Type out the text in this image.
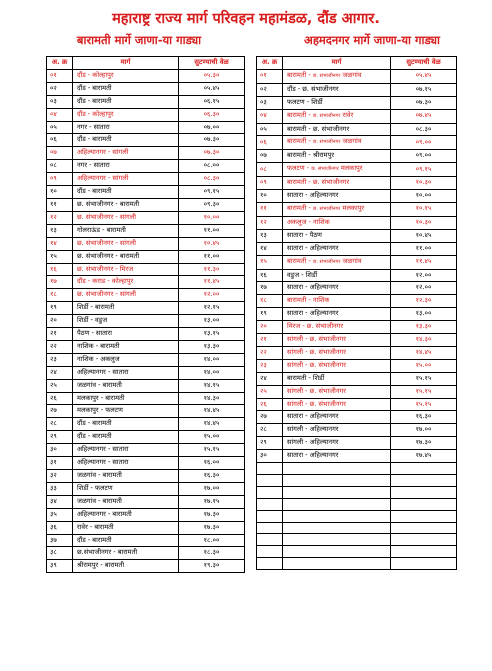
महाराष्ट्र राज्य मार्ग परिवहन महामंडळ, दौंड आगार.
बारामती मार्गे जाणा-या गाड्या	अहमदनगर मार्गे जाणा-या गाड्या
अ. क्र	मार्ग	सुटण्याची वेळ
०१	दौंड - कोल्हापुर	०५.३०
०२	दौंड - बारामती	०५.४५
०३	दौंड - बारामती	०६.१५
०४	दौंड - कोल्हापुर	०६.३०
०५	नगर - सातारा	०७.००
०६	दौंड - बारामती	०७.३०
०७	अहिल्यानगर - सांगली	०७.३०
०८	नगर - सातारा	०८.००
०९	अहिल्यानगर - सांगली	०८.३०
१०	दौंड - बारामती	०९.१५
११	छ. संभाजीनगर - बारामती	०९.३०
१२	छ. संभाजीनगर - सांगली	१०.००
१३	गोलराऊंड - बारामती	११.००
१४	छ. संभाजीनगर - सांगली	१०.४५
१५	छ. संभाजीनगर - बारामती	११.००
१६	छ. संभाजीनगर - मिरज	११.३०
१७	दौंड - कराड - कोल्हापुर	११.४५
१८	छ. संभाजीनगर - सांगली	१२.००
१९	शिर्डी - बारामती	१२.१५
२०	शिर्डी - वडुज	१३.००
२१	पैठण - सातारा	१३.१५
२२	नाशिक - बारामती	१३.३०
२३	नाशिक - अकलुज	१४.००
२४	अहिल्यानगर - सातारा	१४.००
२५	जळगांव - बारामती	१४.१५
२६	मलकापुर - बारामती	१४.३०
२७	मलकापुर - फलटण	१४.४५
२८	दौंड - बारामती	१४.४५
२९	दौंड - बारामती	१५.००
३०	अहिल्यानगर - सातारा	१५.१५
३१	अहिल्यानगर - सातारा	१६.००
३२	जळगांव - बारामती	१६.३०
३३	शिर्डी - फलटण	१७.००
३४	जळगांव - बारामती	१७.१५
३५	अहिल्यानगर - बारामती	१७.३०
३६	रावेर - बारामती	१७.३०
३७	दौंड - बारामती	१८.००
३८	छ.संभाजीनगर - बारामती	१८.३०
३९	श्रीरामपुर - बारामती	१९.३०
अ. क्र	मार्ग	सुटण्याची वेळ
०१	बारामती - छ. संभाजीनगर जळगांव	०५.४५
०२	दौंड - छ. संभाजीनगर	०७.१५
०३	फलटण - शिर्डी	०७.३०
०४	बारामती - छ. संभाजीनगर रावेर	०७.४५
०५	बारामती - छ. संभाजीनगर	०८.३०
०६	बारामती - छ. संभाजीनगर जळगांव	०९.००
०७	बारामती - श्रीरामपुर	०९.००
०८	फलटण - छ. संभाजीनगर मलकापुर	०९.१५
०९	बारामती - छ. संभाजीनगर	१०.३०
१०	सातारा - अहिल्यानगर	१०.००
११	बारामती - छ. संभाजीनगर मलकापुर	१०.१५
१२	अकलुज - नाशिक	१०.३०
१३	सातारा - पैठण	१०.४५
१४	सातारा - अहिल्यानगर	११.००
१५	बारामती - छ. संभाजीनगर जळगांव	११.४५
१६	वडुज - शिर्डी	१२.००
१७	सातारा - अहिल्यानगर	१२.००
१८	बारामती - नाशिक	१२.३०
१९	सातारा - अहिल्यानगर	१३.००
२०	मिरज - छ. संभाजीनगर	१३.३०
२१	सांगली - छ. संभाजीनगर	१४.३०
२२	सांगली - छ. संभाजीनगर	१४.४५
२३	सांगली - छ. संभाजीनगर	१५.००
२४	बारामती - शिर्डी	१५.१५
२५	सांगली - छ. संभाजीनगर	१५.१५
२६	सांगली - छ. संभाजीनगर	१५.१५
२७	सातारा - अहिल्यानगर	१६.३०
२८	सांगली - अहिल्यानगर	१७.००
२९	सांगली - अहिल्यानगर	१७.३०
३०	सातारा - अहिल्यानगर	१७.४५
